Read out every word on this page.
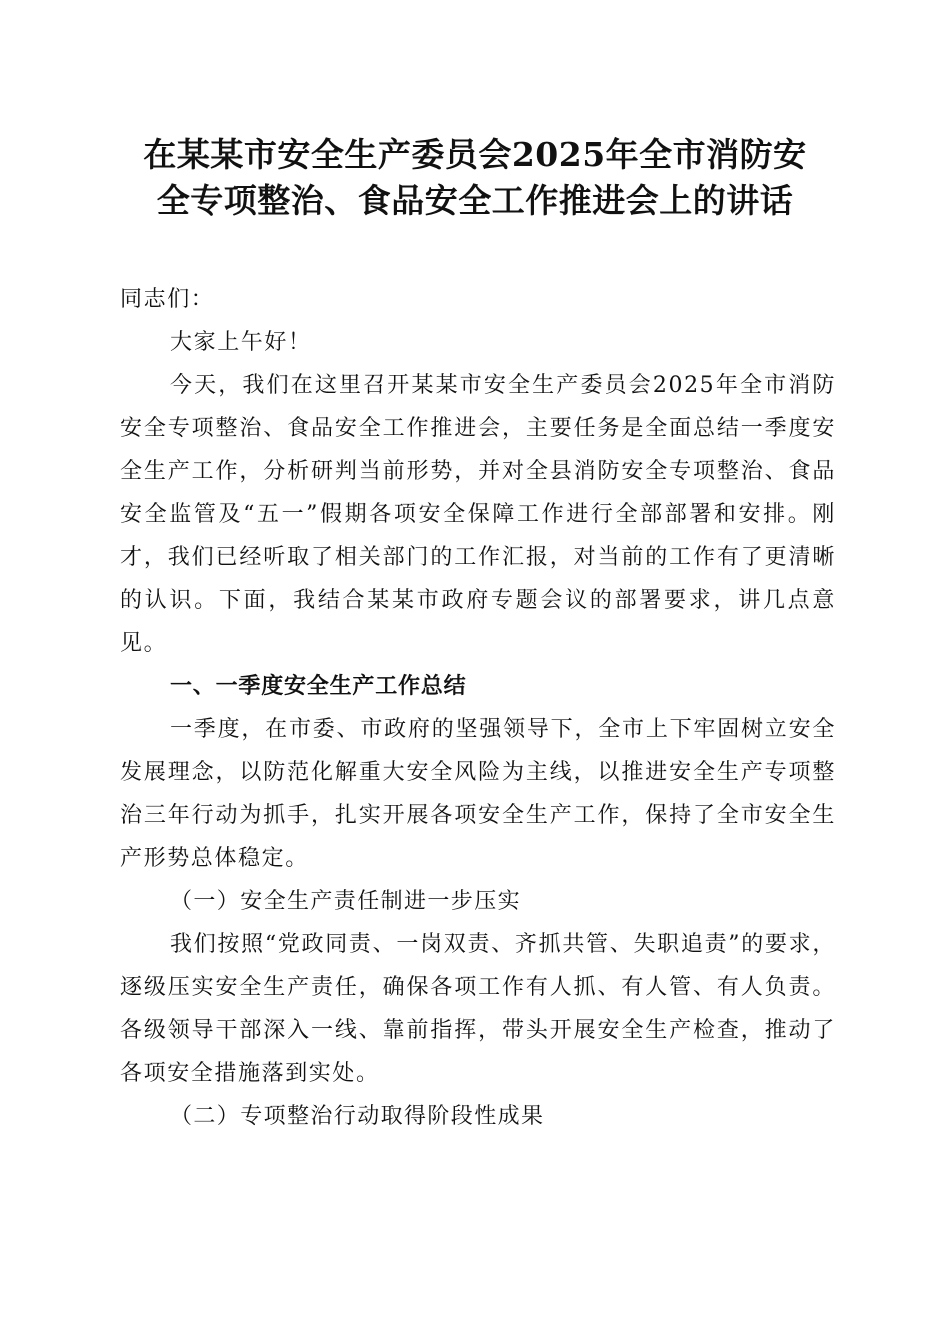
在某某市安全生产委员会2025年全市消防安
全专项整治、食品安全工作推进会上的讲话

同志们：

大家上午好！

今天，我们在这里召开某某市安全生产委员会2025年全市消防安全专项整治、食品安全工作推进会，主要任务是全面总结一季度安全生产工作，分析研判当前形势，并对全县消防安全专项整治、食品安全监管及“五一”假期各项安全保障工作进行全部部署和安排。刚才，我们已经听取了相关部门的工作汇报，对当前的工作有了更清晰的认识。下面，我结合某某市政府专题会议的部署要求，讲几点意见。

一、一季度安全生产工作总结

一季度，在市委、市政府的坚强领导下，全市上下牢固树立安全发展理念，以防范化解重大安全风险为主线，以推进安全生产专项整治三年行动为抓手，扎实开展各项安全生产工作，保持了全市安全生产形势总体稳定。

（一）安全生产责任制进一步压实

我们按照“党政同责、一岗双责、齐抓共管、失职追责”的要求，逐级压实安全生产责任，确保各项工作有人抓、有人管、有人负责。各级领导干部深入一线、靠前指挥，带头开展安全生产检查，推动了各项安全措施落到实处。

（二）专项整治行动取得阶段性成果
